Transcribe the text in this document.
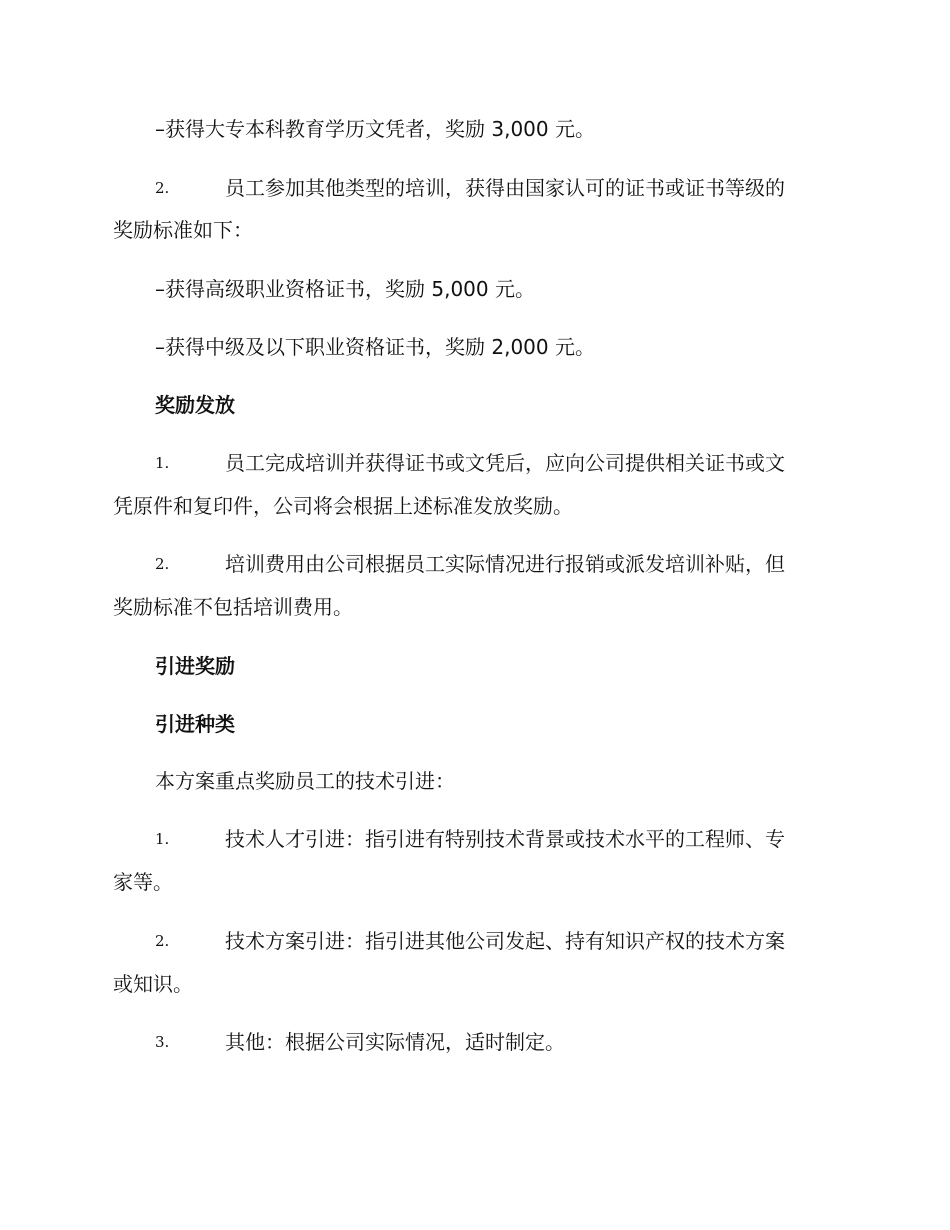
–获得大专本科教育学历文凭者，奖励 3,000 元。
2.	员工参加其他类型的培训，获得由国家认可的证书或证书等级的
奖励标准如下：
–获得高级职业资格证书，奖励 5,000 元。
–获得中级及以下职业资格证书，奖励 2,000 元。
奖励发放
1.	员工完成培训并获得证书或文凭后，应向公司提供相关证书或文
凭原件和复印件，公司将会根据上述标准发放奖励。
2.	培训费用由公司根据员工实际情况进行报销或派发培训补贴，但
奖励标准不包括培训费用。
引进奖励
引进种类
本方案重点奖励员工的技术引进：
1.	技术人才引进：指引进有特别技术背景或技术水平的工程师、专
家等。
2.	技术方案引进：指引进其他公司发起、持有知识产权的技术方案
或知识。
3.	其他：根据公司实际情况，适时制定。
